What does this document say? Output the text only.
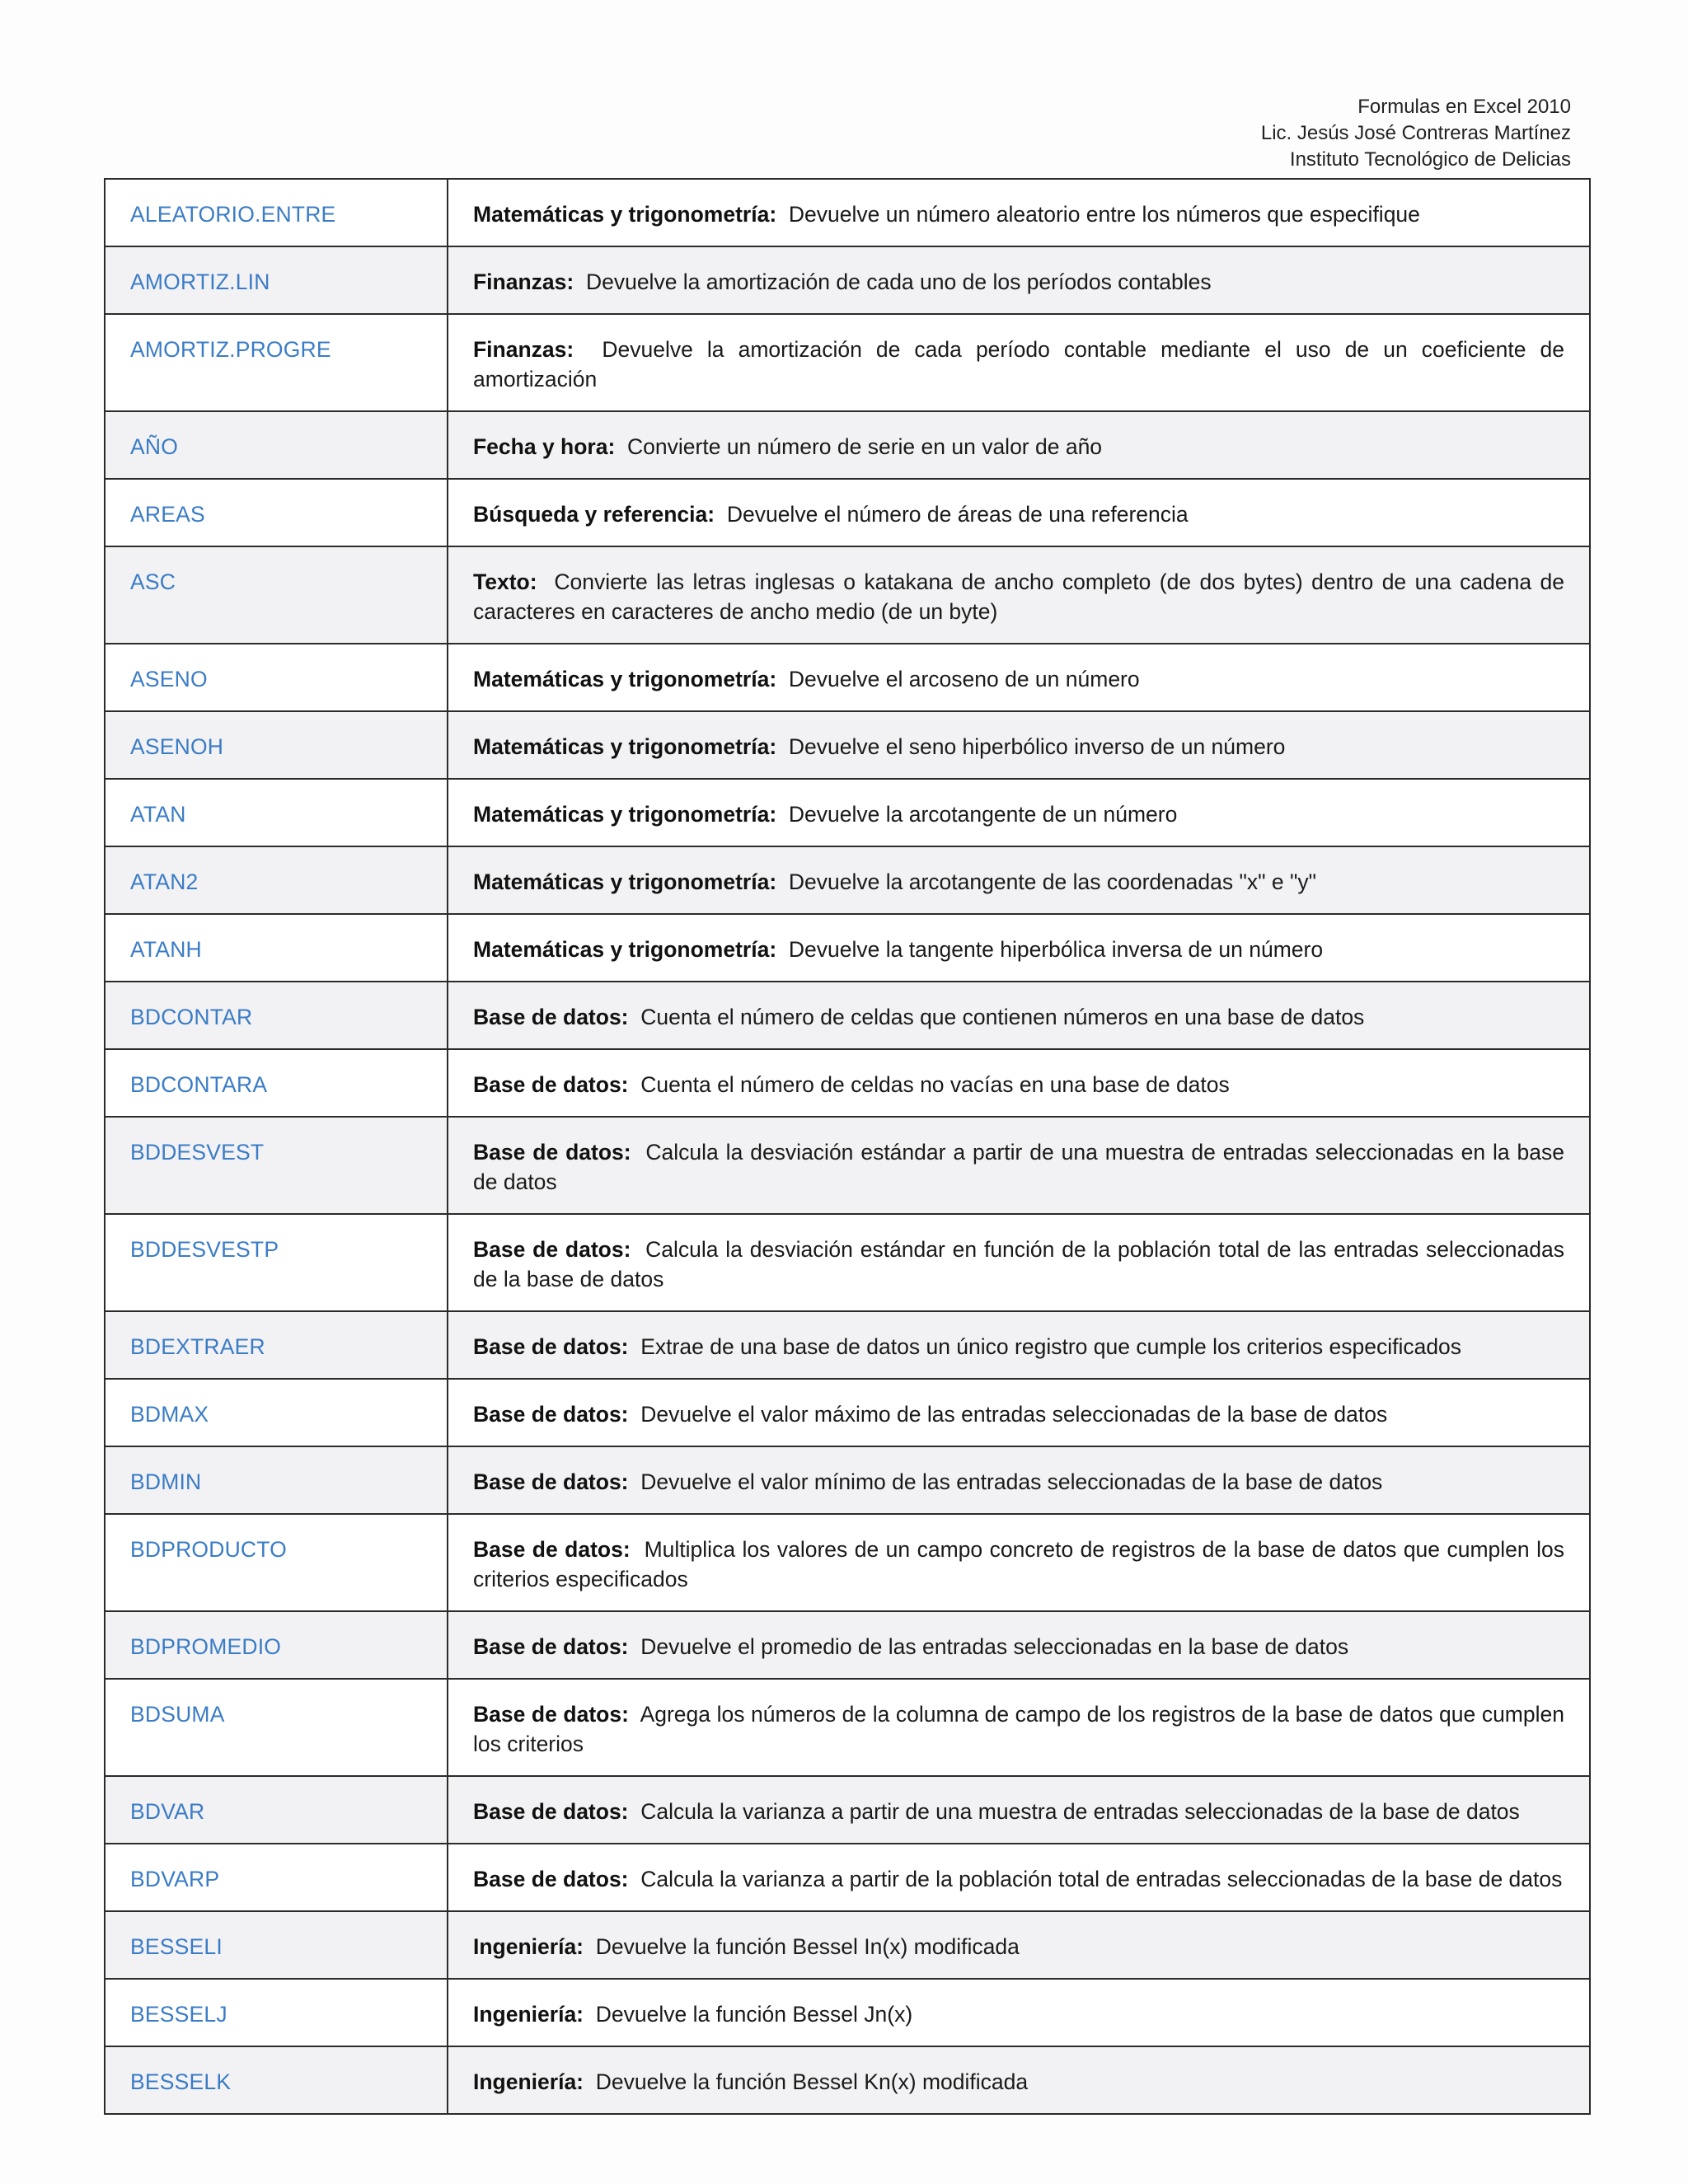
Formulas en Excel 2010
Lic. Jesús José Contreras Martínez
Instituto Tecnológico de Delicias
ALEATORIO.ENTRE	Matemáticas y trigonometría: Devuelve un número aleatorio entre los números que especifique
AMORTIZ.LIN	Finanzas: Devuelve la amortización de cada uno de los períodos contables
AMORTIZ.PROGRE	Finanzas: Devuelve la amortización de cada período contable mediante el uso de un coeficiente de amortización
AÑO	Fecha y hora: Convierte un número de serie en un valor de año
AREAS	Búsqueda y referencia: Devuelve el número de áreas de una referencia
ASC	Texto: Convierte las letras inglesas o katakana de ancho completo (de dos bytes) dentro de una cadena de caracteres en caracteres de ancho medio (de un byte)
ASENO	Matemáticas y trigonometría: Devuelve el arcoseno de un número
ASENOH	Matemáticas y trigonometría: Devuelve el seno hiperbólico inverso de un número
ATAN	Matemáticas y trigonometría: Devuelve la arcotangente de un número
ATAN2	Matemáticas y trigonometría: Devuelve la arcotangente de las coordenadas "x" e "y"
ATANH	Matemáticas y trigonometría: Devuelve la tangente hiperbólica inversa de un número
BDCONTAR	Base de datos: Cuenta el número de celdas que contienen números en una base de datos
BDCONTARA	Base de datos: Cuenta el número de celdas no vacías en una base de datos
BDDESVEST	Base de datos: Calcula la desviación estándar a partir de una muestra de entradas seleccionadas en la base de datos
BDDESVESTP	Base de datos: Calcula la desviación estándar en función de la población total de las entradas seleccionadas de la base de datos
BDEXTRAER	Base de datos: Extrae de una base de datos un único registro que cumple los criterios especificados
BDMAX	Base de datos: Devuelve el valor máximo de las entradas seleccionadas de la base de datos
BDMIN	Base de datos: Devuelve el valor mínimo de las entradas seleccionadas de la base de datos
BDPRODUCTO	Base de datos: Multiplica los valores de un campo concreto de registros de la base de datos que cumplen los criterios especificados
BDPROMEDIO	Base de datos: Devuelve el promedio de las entradas seleccionadas en la base de datos
BDSUMA	Base de datos: Agrega los números de la columna de campo de los registros de la base de datos que cumplen los criterios
BDVAR	Base de datos: Calcula la varianza a partir de una muestra de entradas seleccionadas de la base de datos
BDVARP	Base de datos: Calcula la varianza a partir de la población total de entradas seleccionadas de la base de datos
BESSELI	Ingeniería: Devuelve la función Bessel In(x) modificada
BESSELJ	Ingeniería: Devuelve la función Bessel Jn(x)
BESSELK	Ingeniería: Devuelve la función Bessel Kn(x) modificada
